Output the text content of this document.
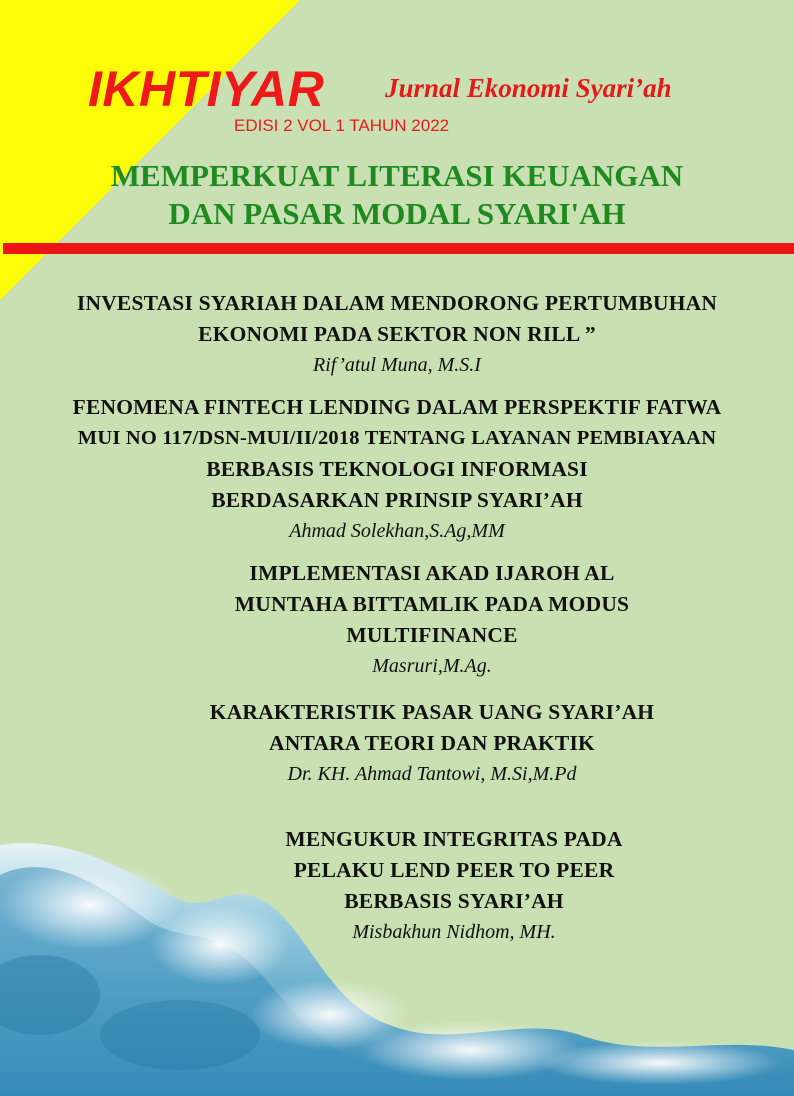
IKHTIYAR	Jurnal Ekonomi Syari’ah
EDISI 2 VOL 1 TAHUN 2022
MEMPERKUAT LITERASI KEUANGAN
DAN PASAR MODAL SYARI'AH
INVESTASI SYARIAH DALAM MENDORONG PERTUMBUHAN
EKONOMI PADA SEKTOR NON RILL ”
Rif’atul Muna, M.S.I
FENOMENA FINTECH LENDING DALAM PERSPEKTIF FATWA
MUI NO 117/DSN-MUI/II/2018 TENTANG LAYANAN PEMBIAYAAN
BERBASIS TEKNOLOGI INFORMASI
BERDASARKAN PRINSIP SYARI’AH
Ahmad Solekhan,S.Ag,MM
IMPLEMENTASI AKAD IJAROH AL
MUNTAHA BITTAMLIK PADA MODUS
MULTIFINANCE
Masruri,M.Ag.
KARAKTERISTIK PASAR UANG SYARI’AH
ANTARA TEORI DAN PRAKTIK
Dr. KH. Ahmad Tantowi, M.Si,M.Pd
MENGUKUR INTEGRITAS PADA
PELAKU LEND PEER TO PEER
BERBASIS SYARI’AH
Misbakhun Nidhom, MH.
